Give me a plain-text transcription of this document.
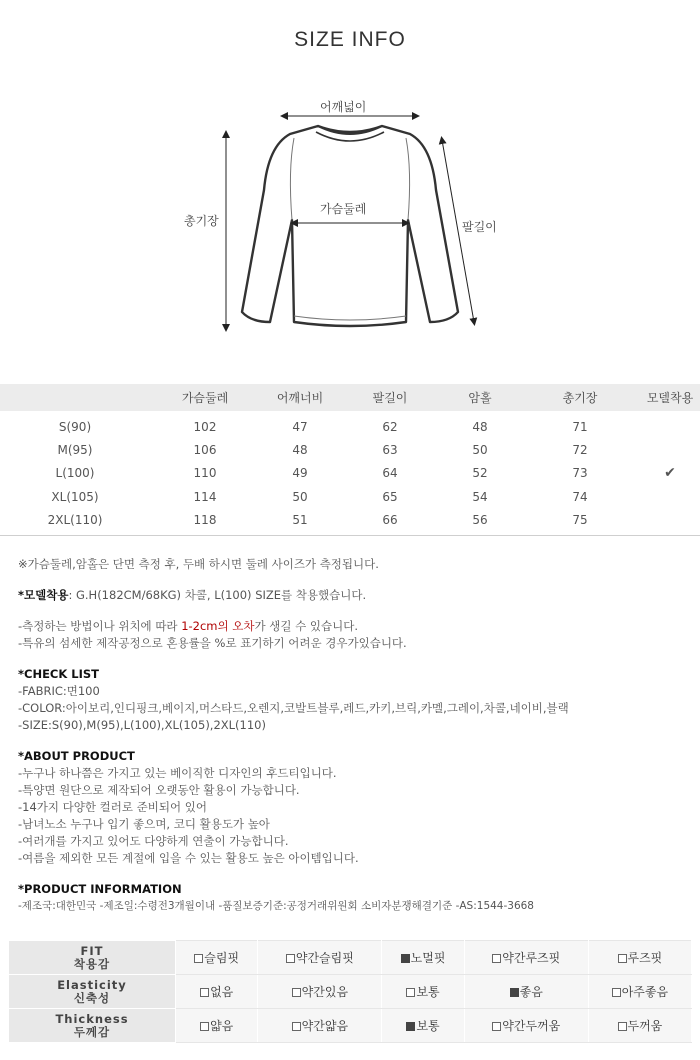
SIZE INFO
어깨넓이
가슴둘레
총기장	팔길이
	가슴둘레	어깨너비	팔길이	암홀	총기장	모델착용
S(90)	102	47	62	48	71	
M(95)	106	48	63	50	72	
L(100)	110	49	64	52	73	✔
XL(105)	114	50	65	54	74	
2XL(110)	118	51	66	56	75	

※가슴둘레,암홀은 단면 측정 후, 두배 하시면 둘레 사이즈가 측정됩니다.

*모델착용: G.H(182CM/68KG) 차콜, L(100) SIZE를 착용했습니다.

-측정하는 방법이나 위치에 따라 1-2cm의 오차가 생길 수 있습니다.

-특유의 섬세한 제작공정으로 혼용률을 %로 표기하기 어려운 경우가있습니다.

*CHECK LIST

-FABRIC:면100

-COLOR:아이보리,인디핑크,베이지,머스타드,오렌지,코발트블루,레드,카키,브릭,카멜,그레이,차콜,네이비,블랙

-SIZE:S(90),M(95),L(100),XL(105),2XL(110)

*ABOUT PRODUCT

-누구나 하나쯤은 가지고 있는 베이직한 디자인의 후드티입니다.

-특양면 원단으로 제작되어 오랫동안 활용이 가능합니다.

-14가지 다양한 컬러로 준비되어 있어

-남녀노소 누구나 입기 좋으며, 코디 활용도가 높아

-여러개를 가지고 있어도 다양하게 연출이 가능합니다.

-여름을 제외한 모든 계절에 입을 수 있는 활용도 높은 아이템입니다.

*PRODUCT INFORMATION

-제조국:대한민국 -제조일:수령전3개월이내 -품질보증기준:공정거래위원회 소비자분쟁해결기준 -AS:1544-3668

FIT
착용감	슬림핏	약간슬림핏	노멀핏	약간루즈핏	루즈핏

Elasticity
신축성	없음	약간있음	보통	좋음	아주좋음

Thickness
두께감	얇음	약간얇음	보통	약간두꺼움	두꺼움
